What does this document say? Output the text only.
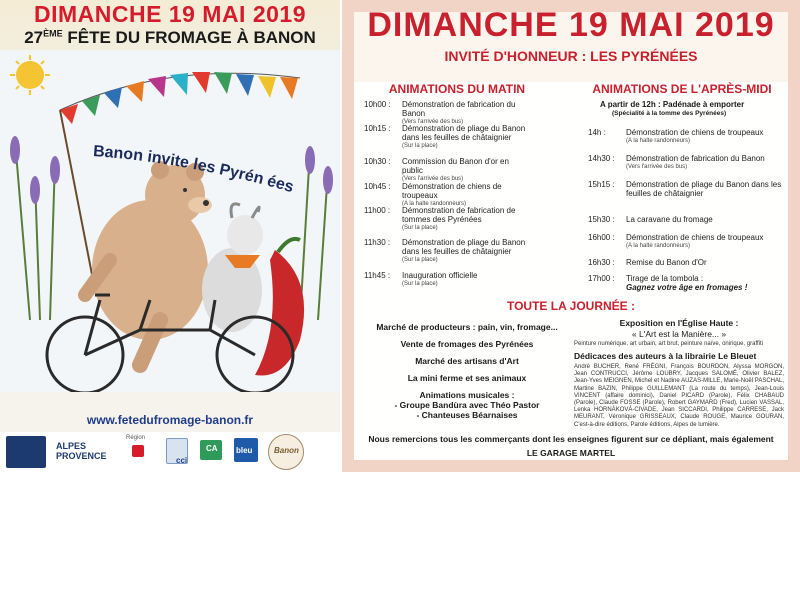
DIMANCHE 19 MAI 2019
27ÈME FÊTE DU FROMAGE À BANON
Banon invite les Pyrén ées
www.fetedufromage-banon.fr
ALPES
PROVENCE
Région
cci
CA bleu	Banon
DIMANCHE 19 MAI 2019
INVITÉ D'HONNEUR : LES PYRÉNÉES
ANIMATIONS DU MATIN	ANIMATIONS DE L'APRÈS-MIDI
10h00 :	Démonstration de fabrication du Banon
(Vers l'arrivée des bus)
10h15 :	Démonstration de pliage du Banon dans les feuilles de châtaignier
(Sur la place)
10h30 :	Commission du Banon d'or en public
(Vers l'arrivée des bus)
10h45 :	Démonstration de chiens de troupeaux
(A la halte randonneurs)
11h00 :	Démonstration de fabrication de tommes des Pyrénées
(Sur la place)
11h30 :	Démonstration de pliage du Banon dans les feuilles de châtaignier
(Sur la place)
11h45 :	Inauguration officielle
(Sur la place)
A partir de 12h : Padénade à emporter
(Spécialité à la tomme des Pyrénées)
14h :	Démonstration de chiens de troupeaux
(A la halte randonneurs)
14h30 :	Démonstration de fabrication du Banon
(Vers l'arrivée des bus)
15h15 :	Démonstration de pliage du Banon dans les feuilles de châtaignier
15h30 :	La caravane du fromage
16h00 :	Démonstration de chiens de troupeaux
(A la halte randonneurs)
16h30 :	Remise du Banon d'Or
17h00 :	Tirage de la tombola :
Gagnez votre âge en fromages !
TOUTE LA JOURNÉE :
Marché de producteurs : pain, vin, fromage...
Vente de fromages des Pyrénées
Marché des artisans d'Art
La mini ferme et ses animaux
Animations musicales :
- Groupe Bandùra avec Théo Pastor
- Chanteuses Béarnaises
Exposition en l'Église Haute :
« L'Art est la Manière... »
Peinture numérique, art urbain, art brut, peinture naïve, onirique, graffiti
Dédicaces des auteurs à la librairie Le Bleuet
André BUCHER, René FRÉGNI, François BOURDON, Alyssa MORGON, Jean CONTRUCCI, Jérôme LOUBRY, Jacques SALOMÉ, Olivier BALEZ, Jean-Yves MEIGNEN, Michel et Nadine AUZAS-MILLE, Marie-Noël PASCHAL, Martine BAZIN, Philippe GUILLEMANT (La route du temps), Jean-Louis VINCENT (affaire dominici), Daniel PICARD (Parole), Félix CHABAUD (Parole), Claude FOSSE (Parole), Robert GAYMARD (Fred), Lucien VASSAL, Lenka HORNÁKOVÁ-CIVADE, Jean SICCARDI, Philippe CARRESE, Jack MEURANT, Véronique GRISSEAUX, Claude ROUGE, Maurice GOURAN, C'est-à-dire éditions, Parole éditions, Alpes de lumière.
Nous remercions tous les commerçants dont les enseignes figurent sur ce dépliant, mais également
LE GARAGE MARTEL
